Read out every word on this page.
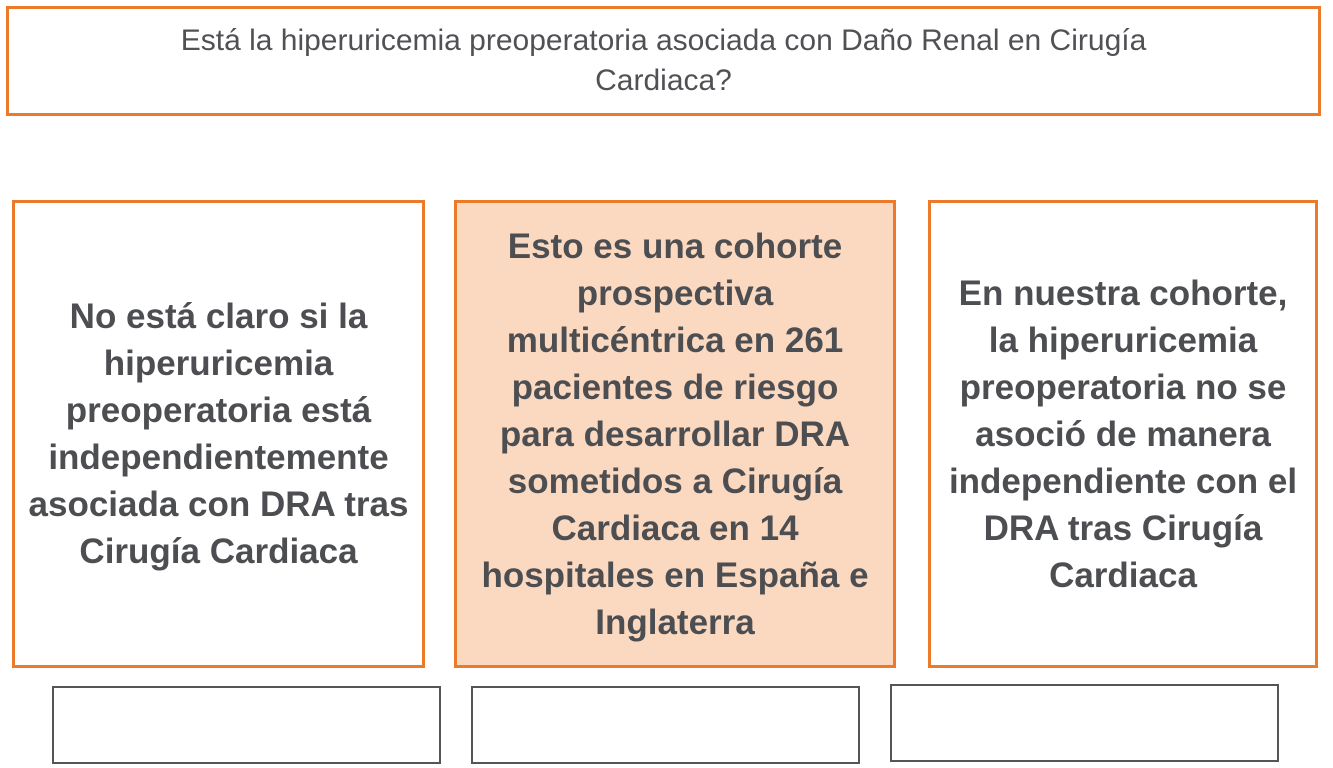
Está la hiperuricemia preoperatoria asociada con Daño Renal en Cirugía Cardiaca?
No está claro si la hiperuricemia preoperatoria está independientemente asociada con DRA tras Cirugía Cardiaca
Esto es una cohorte prospectiva multicéntrica en 261 pacientes de riesgo para desarrollar DRA sometidos a Cirugía Cardiaca en 14 hospitales en España e Inglaterra
En nuestra cohorte, la hiperuricemia preoperatoria no se asoció de manera independiente con el DRA tras Cirugía Cardiaca
